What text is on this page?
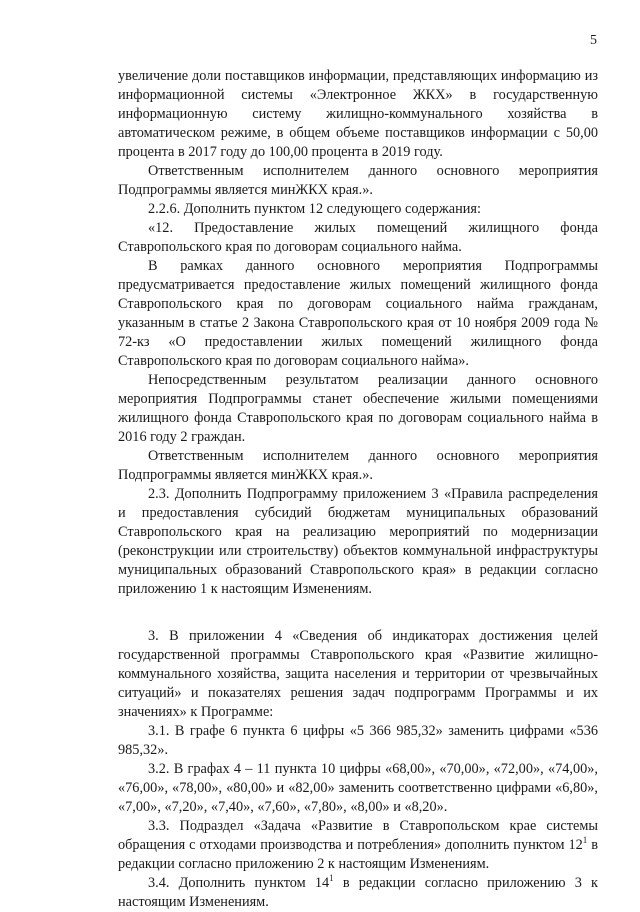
5

увеличение доли поставщиков информации, представляющих информацию из информационной системы «Электронное ЖКХ» в государственную информационную систему жилищно-коммунального хозяйства в автоматическом режиме, в общем объеме поставщиков информации с 50,00 процента в 2017 году до 100,00 процента в 2019 году.

Ответственным исполнителем данного основного мероприятия Подпрограммы является минЖКХ края.».

2.2.6. Дополнить пунктом 12 следующего содержания:

«12. Предоставление жилых помещений жилищного фонда Ставропольского края по договорам социального найма.

В рамках данного основного мероприятия Подпрограммы предусматривается предоставление жилых помещений жилищного фонда Ставропольского края по договорам социального найма гражданам, указанным в статье 2 Закона Ставропольского края от 10 ноября 2009 года № 72-кз «О предоставлении жилых помещений жилищного фонда Ставропольского края по договорам социального найма».

Непосредственным результатом реализации данного основного мероприятия Подпрограммы станет обеспечение жилыми помещениями жилищного фонда Ставропольского края по договорам социального найма в 2016 году 2 граждан.

Ответственным исполнителем данного основного мероприятия Подпрограммы является минЖКХ края.».

2.3. Дополнить Подпрограмму приложением 3 «Правила распределения и предоставления субсидий бюджетам муниципальных образований Ставропольского края на реализацию мероприятий по модернизации (реконструкции или строительству) объектов коммунальной инфраструктуры муниципальных образований Ставропольского края» в редакции согласно приложению 1 к настоящим Изменениям.

3. В приложении 4 «Сведения об индикаторах достижения целей государственной программы Ставропольского края «Развитие жилищно-коммунального хозяйства, защита населения и территории от чрезвычайных ситуаций» и показателях решения задач подпрограмм Программы и их значениях» к Программе:

3.1. В графе 6 пункта 6 цифры «5 366 985,32» заменить цифрами «536 985,32».

3.2. В графах 4 – 11 пункта 10 цифры «68,00», «70,00», «72,00», «74,00», «76,00», «78,00», «80,00» и «82,00» заменить соответственно цифрами «6,80», «7,00», «7,20», «7,40», «7,60», «7,80», «8,00» и «8,20».

3.3. Подраздел «Задача «Развитие в Ставропольском крае системы обращения с отходами производства и потребления» дополнить пунктом $12^1$ в редакции согласно приложению 2 к настоящим Изменениям.

3.4. Дополнить пунктом $14^1$ в редакции согласно приложению 3 к настоящим Изменениям.
